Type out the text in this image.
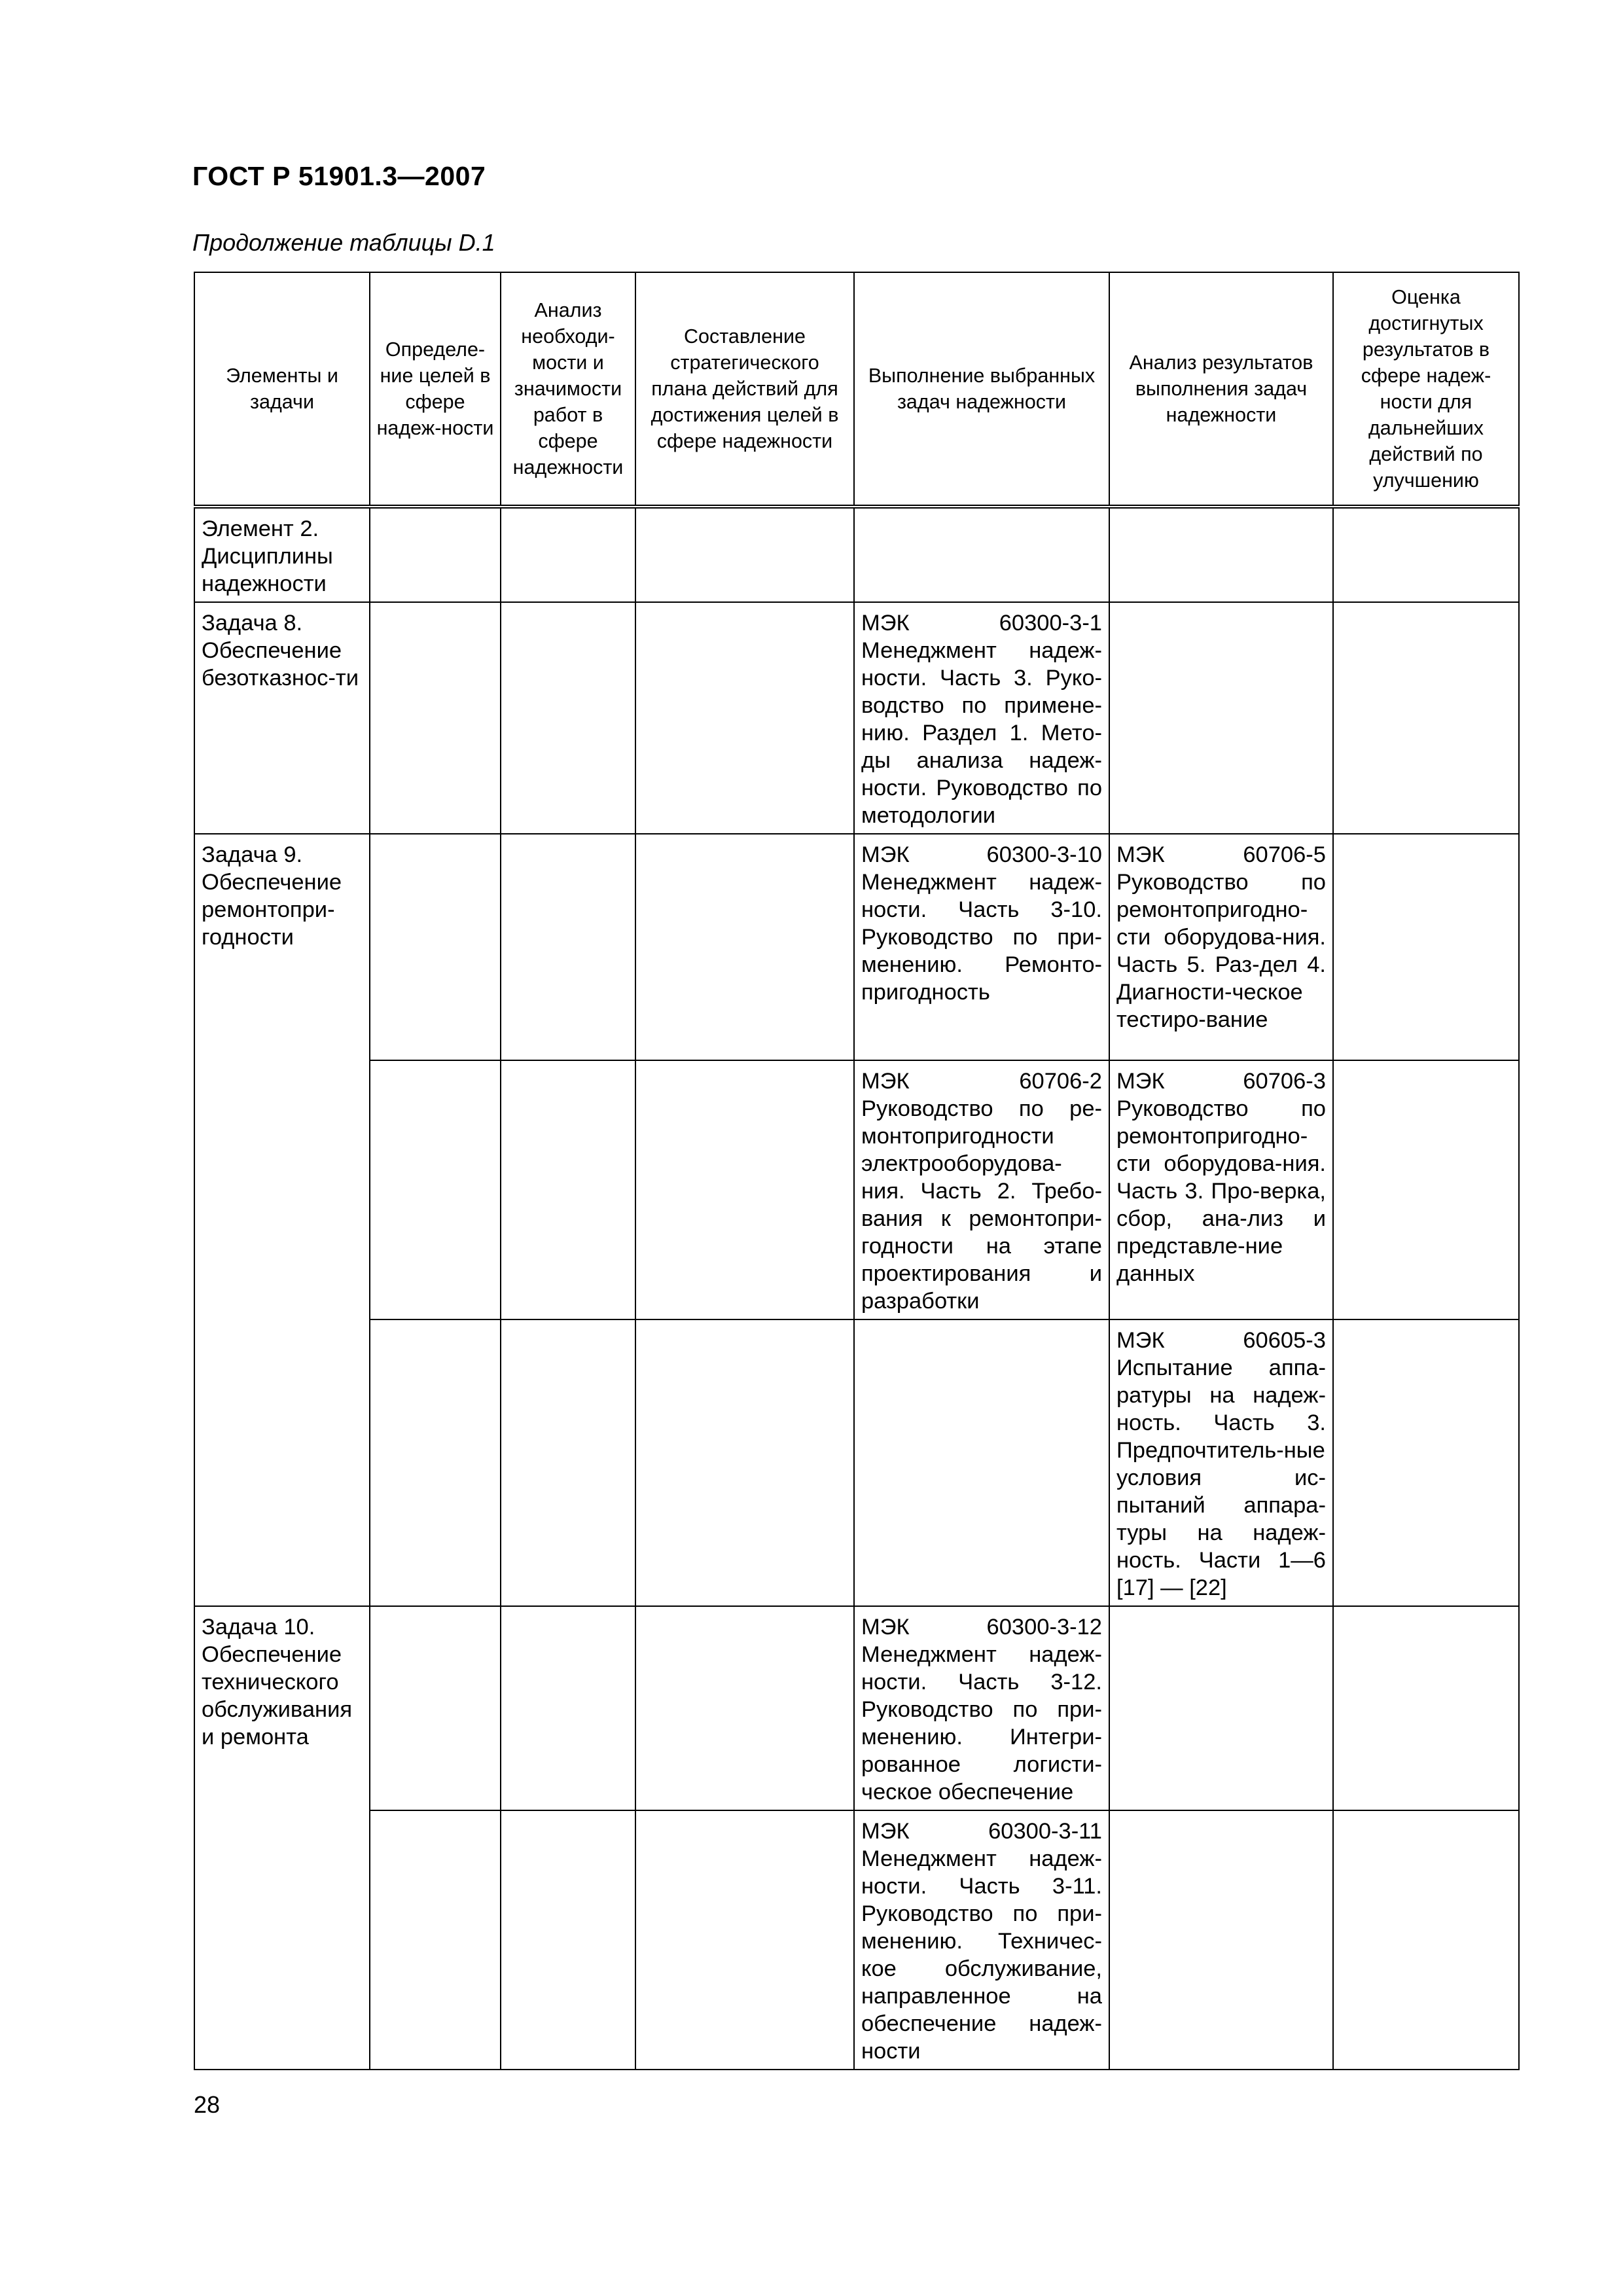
ГОСТ Р 51901.3—2007
Продолжение таблицы D.1
Элементы и задачи	Определе-ние целей в сфере надеж-ности	Анализ необходи-мости и значимости работ в сфере надежности	Составление стратегического плана действий для достижения целей в сфере надежности	Выполнение выбранных задач надежности	Анализ результатов выполнения задач надежности	Оценка достигнутых результатов в сфере надеж-ности для дальнейших действий по улучшению
Элемент 2. Дисциплины надежности						
Задача 8. Обеспечение безотказнос-ти				МЭК 60300-3-1 Менеджмент надеж-ности. Часть 3. Руко-водство по примене-нию. Раздел 1. Мето-ды анализа надеж-ности. Руководство по методологии		
Задача 9. Обеспечение ремонтопри-годности				МЭК 60300-3-10 Менеджмент надеж-ности. Часть 3-10. Руководство по при-менению. Ремонто-пригодность	МЭК 60706-5 Руководство по ремонтопригодно-сти оборудова-ния. Часть 5. Раз-дел 4. Диагности-ческое тестиро-вание	
				МЭК 60706-2 Руководство по ре-монтопригодности электрооборудова-ния. Часть 2. Требо-вания к ремонтопри-годности на этапе проектирования и разработки	МЭК 60706-3 Руководство по ремонтопригодно-сти оборудова-ния. Часть 3. Про-верка, сбор, ана-лиз и представле-ние данных	
					МЭК 60605-3 Испытание аппа-ратуры на надеж-ность. Часть 3. Предпочтитель-ные условия ис-пытаний аппара-туры на надеж-ность. Части 1—6 [17] — [22]	
Задача 10. Обеспечение технического обслуживания и ремонта				МЭК 60300-3-12 Менеджмент надеж-ности. Часть 3-12. Руководство по при-менению. Интегри-рованное логисти-ческое обеспечение		
				МЭК 60300-3-11 Менеджмент надеж-ности. Часть 3-11. Руководство по при-менению. Техничес-кое обслуживание, направленное на обеспечение надеж-ности		
28
